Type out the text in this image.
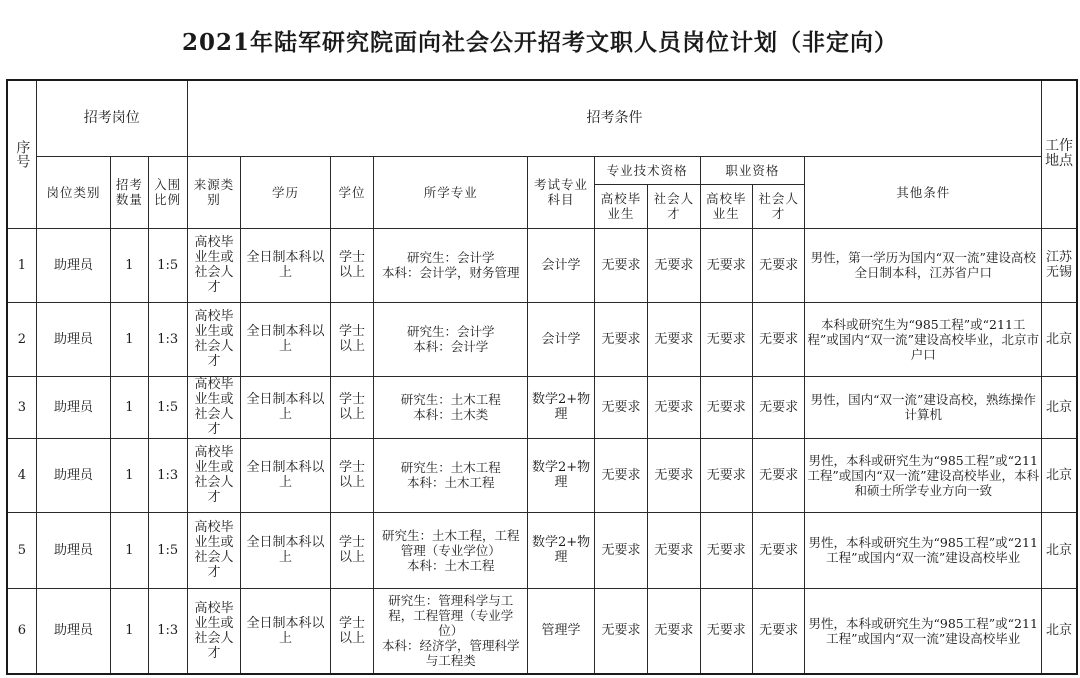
2021年陆军研究院面向社会公开招考文职人员岗位计划（非定向）
序号	招考岗位			招考条件										工作地点
	岗位类别	招考数量	入围比例	来源类别	学历	学位	所学专业	考试专业科目	专业技术资格		职业资格		其他条件	
									高校毕业生	社会人才	高校毕业生	社会人才		
1	助理员	1	1:5	高校毕业生或社会人才	全日制本科以上	学士以上	研究生：会计学
本科：会计学，财务管理	会计学	无要求	无要求	无要求	无要求	男性，第一学历为国内“双一流”建设高校全日制本科，江苏省户口	江苏无锡
2	助理员	1	1:3	高校毕业生或社会人才	全日制本科以上	学士以上	研究生：会计学
本科：会计学	会计学	无要求	无要求	无要求	无要求	本科或研究生为“985工程”或“211工程”或国内“双一流”建设高校毕业，北京市户口	北京
3	助理员	1	1:5	高校毕业生或社会人才	全日制本科以上	学士以上	研究生：土木工程
本科：土木类	数学2+物理	无要求	无要求	无要求	无要求	男性，国内“双一流”建设高校，熟练操作计算机	北京
4	助理员	1	1:3	高校毕业生或社会人才	全日制本科以上	学士以上	研究生：土木工程
本科：土木工程	数学2+物理	无要求	无要求	无要求	无要求	男性，本科或研究生为“985工程”或“211工程”或国内“双一流”建设高校毕业，本科和硕士所学专业方向一致	北京
5	助理员	1	1:5	高校毕业生或社会人才	全日制本科以上	学士以上	研究生：土木工程，工程管理（专业学位）
本科：土木工程	数学2+物理	无要求	无要求	无要求	无要求	男性，本科或研究生为“985工程”或“211工程”或国内“双一流”建设高校毕业	北京
6	助理员	1	1:3	高校毕业生或社会人才	全日制本科以上	学士以上	研究生：管理科学与工程，工程管理（专业学位）
本科：经济学，管理科学与工程类	管理学	无要求	无要求	无要求	无要求	男性，本科或研究生为“985工程”或“211工程”或国内“双一流”建设高校毕业	北京
